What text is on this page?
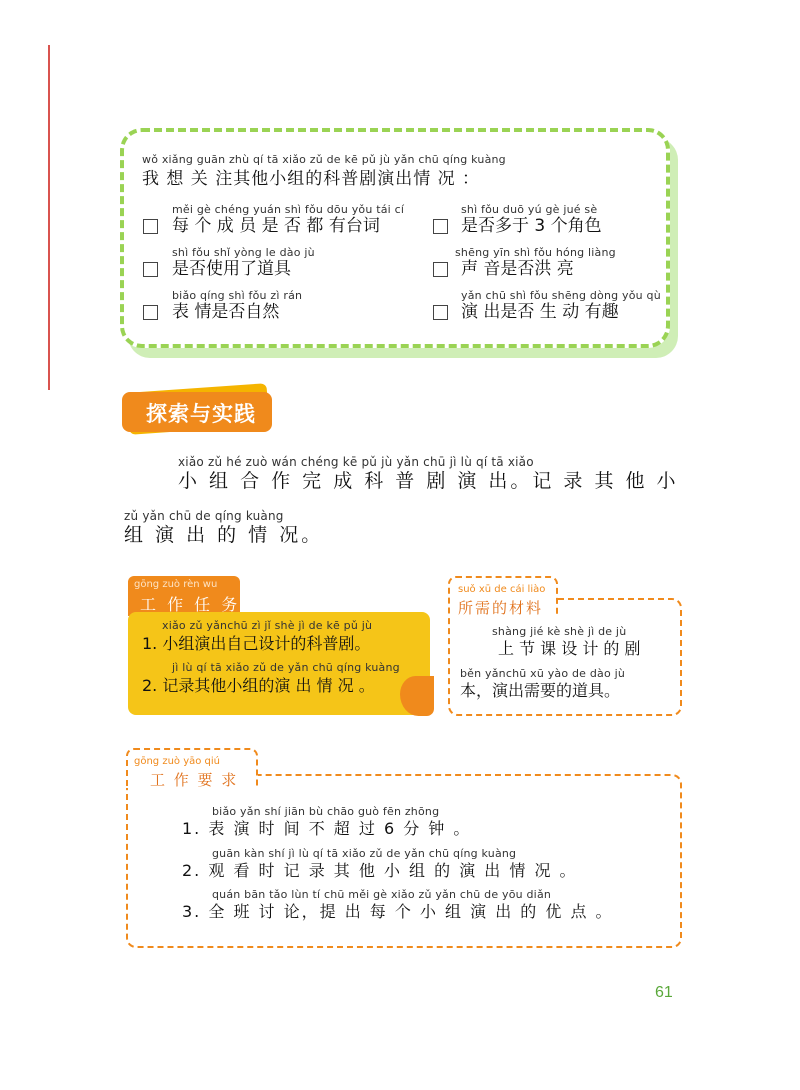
wǒ xiǎng guān zhù qí tā xiǎo zǔ de kē pǔ jù yǎn chū qíng kuàng
我 想 关 注其他小组的科普剧演出情 况 ：
měi gè chéng yuán shì fǒu dōu yǒu tái cí
每 个 成 员 是 否 都 有台词
shì fǒu duō yú gè jué sè
是否多于 3 个角色
shì fǒu shǐ yòng le dào jù
是否使用了道具
shēng yīn shì fǒu hóng liàng
声 音是否洪 亮
biǎo qíng shì fǒu zì rán
表 情是否自然
yǎn chū shì fǒu shēng dòng yǒu qù
演 出是否 生 动 有趣
探索与实践
xiǎo zǔ hé zuò wán chéng kē pǔ jù yǎn chū jì lù qí tā xiǎo
小 组 合 作 完 成 科 普 剧 演 出。记 录 其 他 小
zǔ yǎn chū de qíng kuàng
组 演 出 的 情 况。
gōng zuò rèn wu
工 作 任 务
xiǎo zǔ yǎnchū zì jǐ shè jì de kē pǔ jù
1. 小组演出自己设计的科普剧。
jì lù qí tā xiǎo zǔ de yǎn chū qíng kuàng
2. 记录其他小组的演 出 情 况 。
suǒ xū de cái liào
所需的材料
shàng jié kè shè jì de jù
上 节 课 设 计 的 剧
běn yǎnchū xū yào de dào jù
本，演出需要的道具。
gōng zuò yāo qiú
工 作 要 求
biǎo yǎn shí jiān bù chāo guò fēn zhōng
1. 表 演 时 间 不 超 过 6 分 钟 。
guān kàn shí jì lù qí tā xiǎo zǔ de yǎn chū qíng kuàng
2. 观 看 时 记 录 其 他 小 组 的 演 出 情 况 。
quán bān tǎo lùn tí chū měi gè xiǎo zǔ yǎn chū de yōu diǎn
3. 全 班 讨 论，提 出 每 个 小 组 演 出 的 优 点 。
61
